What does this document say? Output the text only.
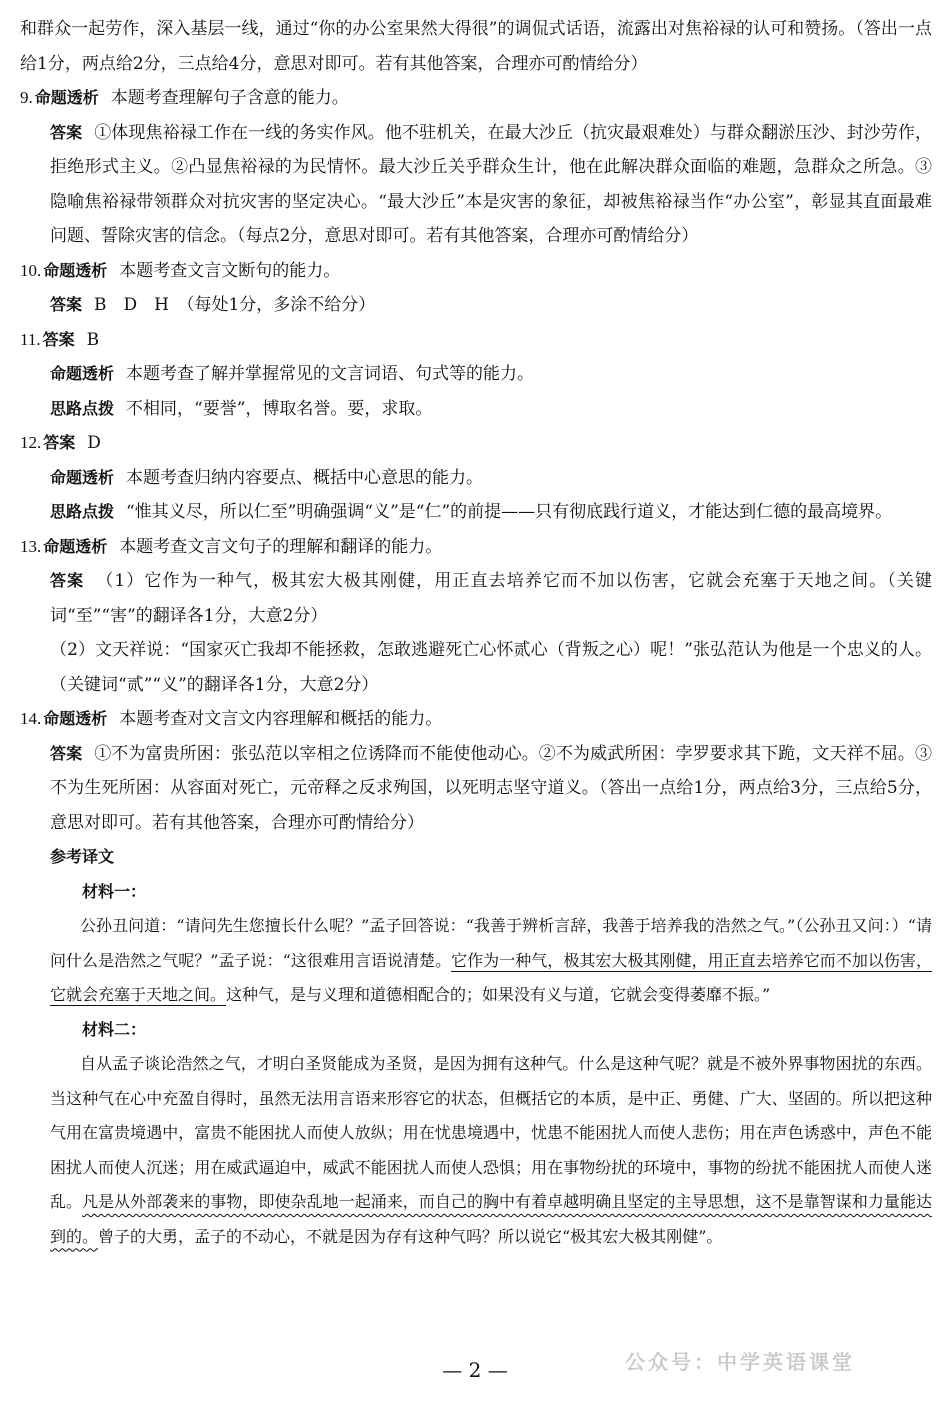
和群众一起劳作，深入基层一线，通过“你的办公室果然大得很”的调侃式话语，流露出对焦裕禄的认可和赞扬。（答出一点给1分，两点给2分，三点给4分，意思对即可。若有其他答案，合理亦可酌情给分）

9. 命题透析 本题考查理解句子含意的能力。

答案 ①体现焦裕禄工作在一线的务实作风。他不驻机关，在最大沙丘（抗灾最艰难处）与群众翻淤压沙、封沙劳作，拒绝形式主义。②凸显焦裕禄的为民情怀。最大沙丘关乎群众生计，他在此解决群众面临的难题，急群众之所急。③隐喻焦裕禄带领群众对抗灾害的坚定决心。“最大沙丘”本是灾害的象征，却被焦裕禄当作“办公室”，彰显其直面最难问题、誓除灾害的信念。（每点2分，意思对即可。若有其他答案，合理亦可酌情给分）

10. 命题透析 本题考查文言文断句的能力。

答案 B　D　H　（每处1分，多涂不给分）

11. 答案 B

命题透析 本题考查了解并掌握常见的文言词语、句式等的能力。

思路点拨 不相同，“要誉”，博取名誉。要，求取。

12. 答案 D

命题透析 本题考查归纳内容要点、概括中心意思的能力。

思路点拨 “惟其义尽，所以仁至”明确强调“义”是“仁”的前提——只有彻底践行道义，才能达到仁德的最高境界。

13. 命题透析 本题考查文言文句子的理解和翻译的能力。

答案 （1）它作为一种气，极其宏大极其刚健，用正直去培养它而不加以伤害，它就会充塞于天地之间。（关键词“至”“害”的翻译各1分，大意2分）

（2）文天祥说：“国家灭亡我却不能拯救，怎敢逃避死亡心怀贰心（背叛之心）呢！”张弘范认为他是一个忠义的人。（关键词“贰”“义”的翻译各1分，大意2分）

14. 命题透析 本题考查对文言文内容理解和概括的能力。

答案 ①不为富贵所困：张弘范以宰相之位诱降而不能使他动心。②不为威武所困：孛罗要求其下跪，文天祥不屈。③不为生死所困：从容面对死亡，元帝释之反求殉国，以死明志坚守道义。（答出一点给1分，两点给3分，三点给5分，意思对即可。若有其他答案，合理亦可酌情给分）

参考译文

材料一：

公孙丑问道：“请问先生您擅长什么呢？”孟子回答说：“我善于辨析言辞，我善于培养我的浩然之气。”（公孙丑又问：）“请问什么是浩然之气呢？”孟子说：“这很难用言语说清楚。它作为一种气，极其宏大极其刚健，用正直去培养它而不加以伤害，它就会充塞于天地之间。这种气，是与义理和道德相配合的；如果没有义与道，它就会变得萎靡不振。”

材料二：

自从孟子谈论浩然之气，才明白圣贤能成为圣贤，是因为拥有这种气。什么是这种气呢？就是不被外界事物困扰的东西。当这种气在心中充盈自得时，虽然无法用言语来形容它的状态，但概括它的本质，是中正、勇健、广大、坚固的。所以把这种气用在富贵境遇中，富贵不能困扰人而使人放纵；用在忧患境遇中，忧患不能困扰人而使人悲伤；用在声色诱惑中，声色不能困扰人而使人沉迷；用在威武逼迫中，威武不能困扰人而使人恐惧；用在事物纷扰的环境中，事物的纷扰不能困扰人而使人迷乱。凡是从外部袭来的事物，即使杂乱地一起涌来，而自己的胸中有着卓越明确且坚定的主导思想，这不是靠智谋和力量能达到的。曾子的大勇，孟子的不动心，不就是因为存有这种气吗？所以说它“极其宏大极其刚健”。

— 2 —	公众号：中学英语课堂
